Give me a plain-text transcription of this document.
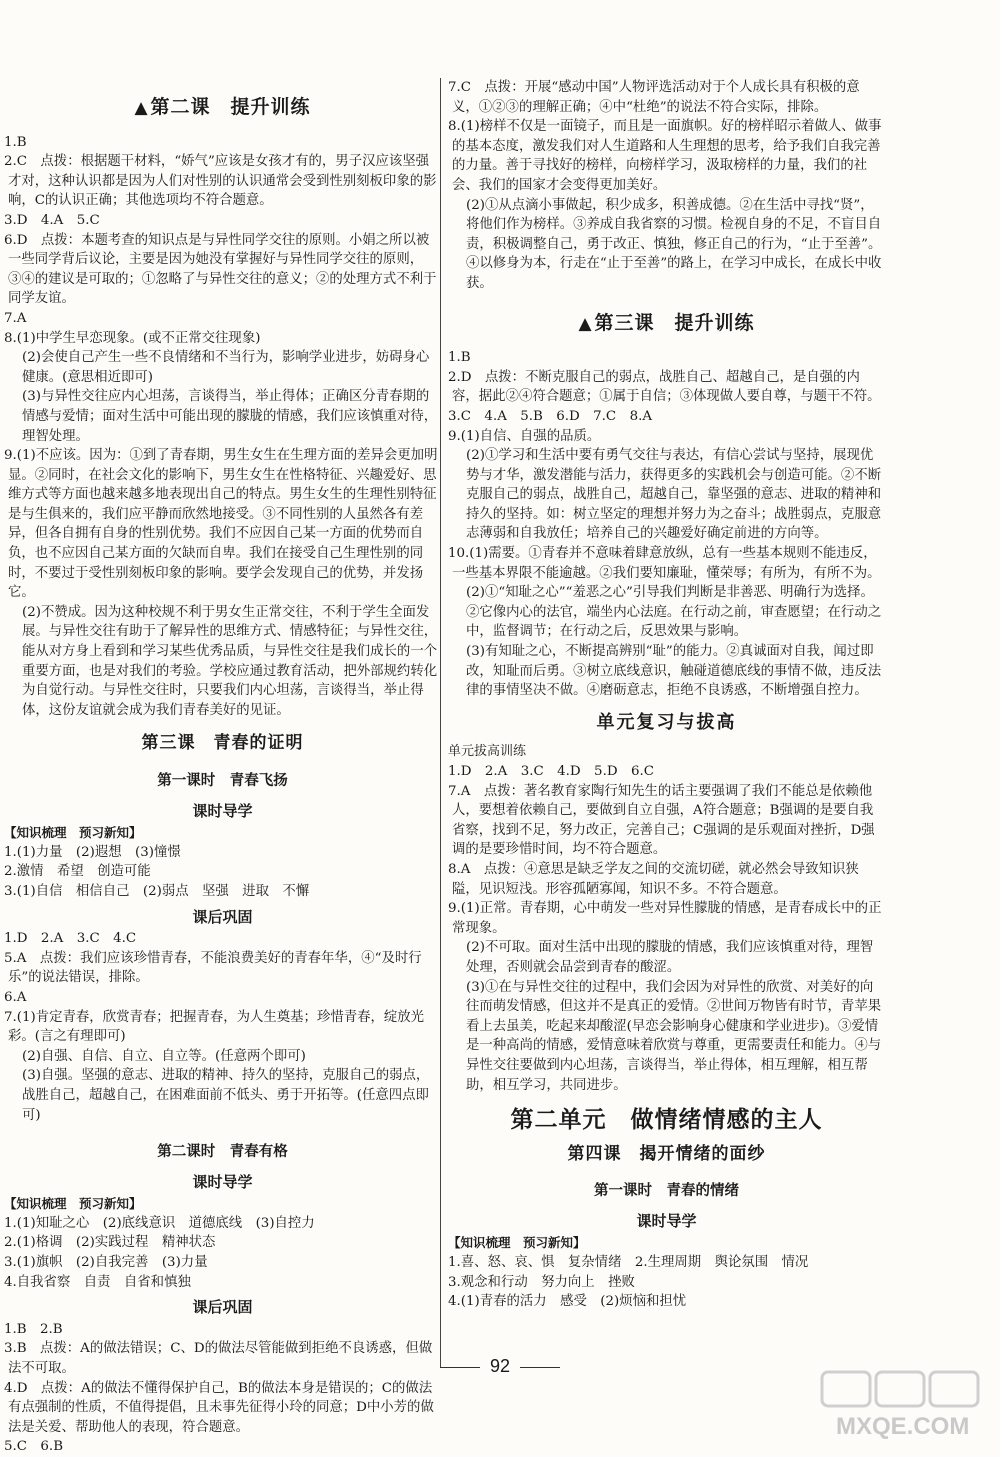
▲ 第二课　提升训练
1.B
2.C　点拨：根据题干材料，“娇气”应该是女孩才有的，男子汉应该坚强才对，这种认识都是因为人们对性别的认识通常会受到性别刻板印象的影响，C的认识正确；其他选项均不符合题意。
3.D　4.A　5.C
6.D　点拨：本题考查的知识点是与异性同学交往的原则。小娟之所以被一些同学背后议论，主要是因为她没有掌握好与异性同学交往的原则，③④的建议是可取的；①忽略了与异性交往的意义；②的处理方式不利于同学友谊。
7.A
8.(1)中学生早恋现象。(或不正常交往现象)
(2)会使自己产生一些不良情绪和不当行为，影响学业进步，妨碍身心健康。(意思相近即可)
(3)与异性交往应内心坦荡，言谈得当，举止得体；正确区分青春期的情感与爱情；面对生活中可能出现的朦胧的情感，我们应该慎重对待，理智处理。
9.(1)不应该。因为：①到了青春期，男生女生在生理方面的差异会更加明显。②同时，在社会文化的影响下，男生女生在性格特征、兴趣爱好、思维方式等方面也越来越多地表现出自己的特点。男生女生的生理性别特征是与生俱来的，我们应平静而欣然地接受。③不同性别的人虽然各有差异，但各自拥有自身的性别优势。我们不应因自己某一方面的优势而自负，也不应因自己某方面的欠缺而自卑。我们在接受自己生理性别的同时，不要过于受性别刻板印象的影响。要学会发现自己的优势，并发扬它。
(2)不赞成。因为这种校规不利于男女生正常交往，不利于学生全面发展。与异性交往有助于了解异性的思维方式、情感特征；与异性交往，能从对方身上看到和学习某些优秀品质，与异性交往是我们成长的一个重要方面，也是对我们的考验。学校应通过教育活动，把外部规约转化为自觉行动。与异性交往时，只要我们内心坦荡，言谈得当，举止得体，这份友谊就会成为我们青春美好的见证。
第三课　青春的证明
第一课时　青春飞扬
课时导学
【知识梳理　预习新知】
1.(1)力量　(2)遐想　(3)憧憬
2.激情　希望　创造可能
3.(1)自信　相信自己　(2)弱点　坚强　进取　不懈
课后巩固
1.D　2.A　3.C　4.C
5.A　点拨：我们应该珍惜青春，不能浪费美好的青春年华，④“及时行乐”的说法错误，排除。
6.A
7.(1)肯定青春，欣赏青春；把握青春，为人生奠基；珍惜青春，绽放光彩。(言之有理即可)
(2)自强、自信、自立、自立等。(任意两个即可)
(3)自强。坚强的意志、进取的精神、持久的坚持，克服自己的弱点，战胜自己，超越自己，在困难面前不低头、勇于开拓等。(任意四点即可)
第二课时　青春有格
课时导学
【知识梳理　预习新知】
1.(1)知耻之心　(2)底线意识　道德底线　(3)自控力
2.(1)格调　(2)实践过程　精神状态
3.(1)旗帜　(2)自我完善　(3)力量
4.自我省察　自责　自省和慎独
课后巩固
1.B　2.B
3.B　点拨：A的做法错误；C、D的做法尽管能做到拒绝不良诱惑，但做法不可取。
4.D　点拨：A的做法不懂得保护自己，B的做法本身是错误的；C的做法有点强制的性质，不值得提倡，且未事先征得小玲的同意；D中小芳的做法是关爱、帮助他人的表现，符合题意。
5.C　6.B
7.C　点拨：开展“感动中国”人物评选活动对于个人成长具有积极的意义，①②③的理解正确；④中“杜绝”的说法不符合实际，排除。
8.(1)榜样不仅是一面镜子，而且是一面旗帜。好的榜样昭示着做人、做事的基本态度，激发我们对人生道路和人生理想的思考，给予我们自我完善的力量。善于寻找好的榜样，向榜样学习，汲取榜样的力量，我们的社会、我们的国家才会变得更加美好。
(2)①从点滴小事做起，积少成多，积善成德。②在生活中寻找“贤”，将他们作为榜样。③养成自我省察的习惯。检视自身的不足，不盲目自责，积极调整自己，勇于改正、慎独，修正自己的行为，“止于至善”。④以修身为本，行走在“止于至善”的路上，在学习中成长，在成长中收获。
▲ 第三课　提升训练
1.B
2.D　点拨：不断克服自己的弱点，战胜自己、超越自己，是自强的内容，据此②④符合题意；①属于自信；③体现做人要自尊，与题干不符。
3.C　4.A　5.B　6.D　7.C　8.A
9.(1)自信、自强的品质。
(2)①学习和生活中要有勇气交往与表达，有信心尝试与坚持，展现优势与才华，激发潜能与活力，获得更多的实践机会与创造可能。②不断克服自己的弱点，战胜自己，超越自己，靠坚强的意志、进取的精神和持久的坚持。如：树立坚定的理想并努力为之奋斗；战胜弱点，克服意志薄弱和自我放任；培养自己的兴趣爱好确定前进的方向等。
10.(1)需要。①青春并不意味着肆意放纵，总有一些基本规则不能违反，一些基本界限不能逾越。②我们要知廉耻，懂荣辱；有所为，有所不为。
(2)①“知耻之心”“羞恶之心”引导我们判断是非善恶、明确行为选择。②它像内心的法官，端坐内心法庭。在行动之前，审查愿望；在行动之中，监督调节；在行动之后，反思效果与影响。
(3)有知耻之心，不断提高辨别“耻”的能力。②真诚面对自我，闻过即改，知耻而后勇。③树立底线意识，触碰道德底线的事情不做，违反法律的事情坚决不做。④磨砺意志，拒绝不良诱惑，不断增强自控力。
单元复习与拔高
单元拔高训练
1.D　2.A　3.C　4.D　5.D　6.C
7.A　点拨：著名教育家陶行知先生的话主要强调了我们不能总是依赖他人，要想着依赖自己，要做到自立自强，A符合题意；B强调的是要自我省察，找到不足，努力改正，完善自己；C强调的是乐观面对挫折，D强调的是要珍惜时间，均不符合题意。
8.A　点拨：④意思是缺乏学友之间的交流切磋，就必然会导致知识狭隘，见识短浅。形容孤陋寡闻，知识不多。不符合题意。
9.(1)正常。青春期，心中萌发一些对异性朦胧的情感，是青春成长中的正常现象。
(2)不可取。面对生活中出现的朦胧的情感，我们应该慎重对待，理智处理，否则就会品尝到青春的酸涩。
(3)①在与异性交往的过程中，我们会因为对异性的欣赏、对美好的向往而萌发情感，但这并不是真正的爱情。②世间万物皆有时节，青苹果看上去虽美，吃起来却酸涩(早恋会影响身心健康和学业进步)。③爱情是一种高尚的情感，爱情意味着欣赏与尊重，更需要责任和能力。④与异性交往要做到内心坦荡，言谈得当，举止得体，相互理解，相互帮助，相互学习，共同进步。
第二单元　做情绪情感的主人
第四课　揭开情绪的面纱
第一课时　青春的情绪
课时导学
【知识梳理　预习新知】
1.喜、怒、哀、惧　复杂情绪　2.生理周期　舆论氛围　情况
3.观念和行动　努力向上　挫败
4.(1)青春的活力　感受　(2)烦恼和担忧
92
MXQE.COM
